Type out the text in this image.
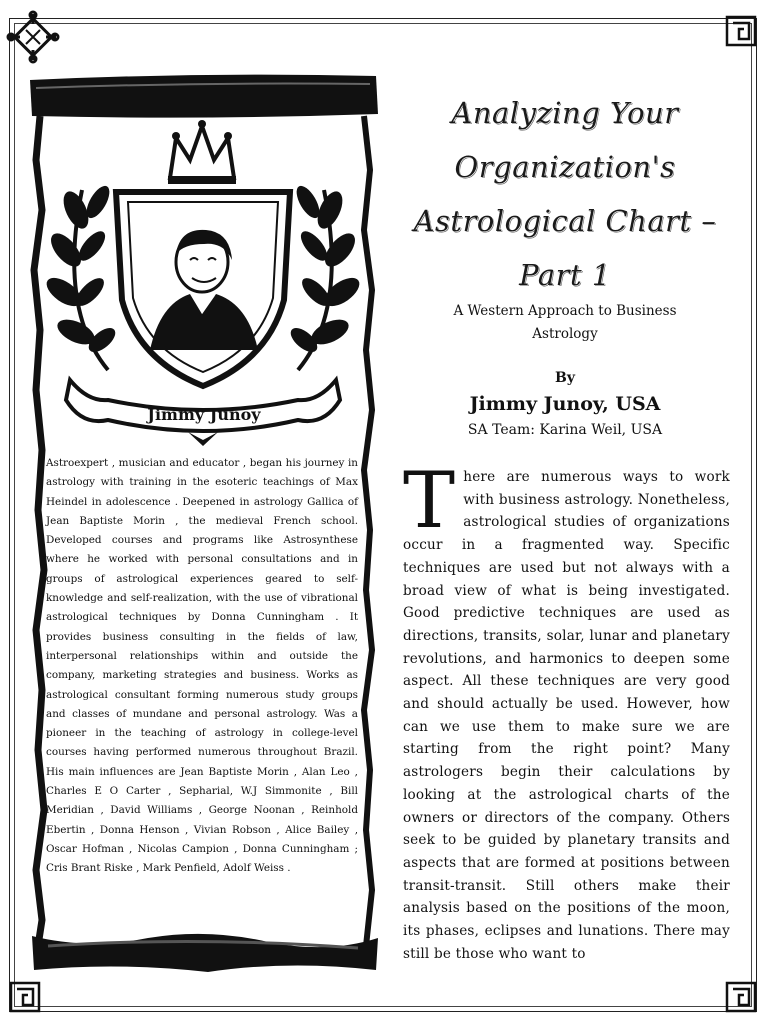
Jimmy Junoy

Astroexpert , musician and educator , began his journey in astrology with training in the esoteric teachings of Max Heindel in adolescence . Deepened in astrology Gallica of Jean Baptiste Morin , the medieval French school. Developed courses and programs like Astrosynthese where he worked with personal consultations and in groups of astrological experiences geared to self-knowledge and self-realization, with the use of vibrational astrological techniques by Donna Cunningham . It provides business consulting in the fields of law, interpersonal relationships within and outside the company, marketing strategies and business. Works as astrological consultant forming numerous study groups and classes of mundane and personal astrology. Was a pioneer in the teaching of astrology in college-level courses having performed numerous throughout Brazil. His main influences are Jean Baptiste Morin , Alan Leo , Charles E O Carter , Sepharial, W.J Simmonite , Bill Meridian , David Williams , George Noonan , Reinhold Ebertin , Donna Henson , Vivian Robson , Alice Bailey , Oscar Hofman , Nicolas Campion , Donna Cunningham ; Cris Brant Riske , Mark Penfield, Adolf Weiss .

Analyzing Your
Organization's
Astrological Chart –
Part 1

A Western Approach to Business Astrology

By

Jimmy Junoy, USA

SA Team: Karina Weil, USA

There are numerous ways to work with business astrology. Nonetheless, astrological studies of organizations occur in a fragmented way. Specific techniques are used but not always with a broad view of what is being investigated. Good predictive techniques are used as directions, transits, solar, lunar and planetary revolutions, and harmonics to deepen some aspect. All these techniques are very good and should actually be used. However, how can we use them to make sure we are starting from the right point? Many astrologers begin their calculations by looking at the astrological charts of the owners or directors of the company. Others seek to be guided by planetary transits and aspects that are formed at positions between transit-transit. Still others make their analysis based on the positions of the moon, its phases, eclipses and lunations. There may still be those who want to
